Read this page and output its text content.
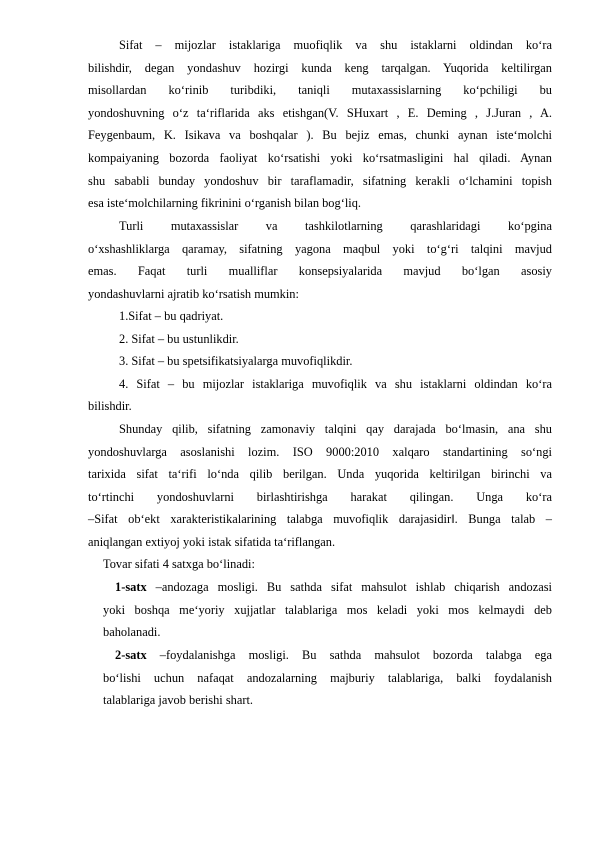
Sifat – mijozlar istaklariga muofiqlik va shu istaklarni oldindan ko‘ra

bilishdir, degan yondashuv hozirgi kunda keng tarqalgan. Yuqorida keltilirgan

misollardan ko‘rinib turibdiki, taniqli mutaxassislarning ko‘pchiligi bu

yondoshuvning o‘z ta‘riflarida aks etishgan(V. SHuxart , E. Deming , J.Juran , A.

Feygenbaum, K. Isikava va boshqalar ). Bu bejiz emas, chunki aynan iste‘molchi

kompaiyaning bozorda faoliyat ko‘rsatishi yoki ko‘rsatmasligini hal qiladi. Aynan

shu sababli bunday yondoshuv bir taraflamadir, sifatning kerakli o‘lchamini topish

esa iste‘molchilarning fikrinini o‘rganish bilan bog‘liq.

Turli mutaxassislar va tashkilotlarning qarashlaridagi ko‘pgina

o‘xshashliklarga qaramay, sifatning yagona maqbul yoki to‘g‘ri talqini mavjud

emas. Faqat turli mualliflar konsepsiyalarida mavjud bo‘lgan asosiy

yondashuvlarni ajratib ko‘rsatish mumkin:

1.Sifat – bu qadriyat.

2. Sifat – bu ustunlikdir.

3. Sifat – bu spetsifikatsiyalarga muvofiqlikdir.

4. Sifat – bu mijozlar istaklariga muvofiqlik va shu istaklarni oldindan ko‘ra

bilishdir.

Shunday qilib, sifatning zamonaviy talqini qay darajada bo‘lmasin, ana shu

yondoshuvlarga asoslanishi lozim. ISO 9000:2010 xalqaro standartining so‘ngi

tarixida sifat ta‘rifi lo‘nda qilib berilgan. Unda yuqorida keltirilgan birinchi va

to‘rtinchi yondoshuvlarni birlashtirishga harakat qilingan. Unga ko‘ra

–Sifat ob‘ekt xarakteristikalarining talabga muvofiqlik darajasidir‖. Bunga talab –

aniqlangan extiyoj yoki istak sifatida ta‘riflangan.

Tovar sifati 4 satxga bo‘linadi:

1-satx –andozaga mosligi. Bu sathda sifat mahsulot ishlab chiqarish andozasi

yoki boshqa me‘yoriy xujjatlar talablariga mos keladi yoki mos kelmaydi deb

baholanadi.

2-satx –foydalanishga mosligi. Bu sathda mahsulot bozorda talabga ega

bo‘lishi uchun nafaqat andozalarning majburiy talablariga, balki foydalanish

talablariga javob berishi shart.
